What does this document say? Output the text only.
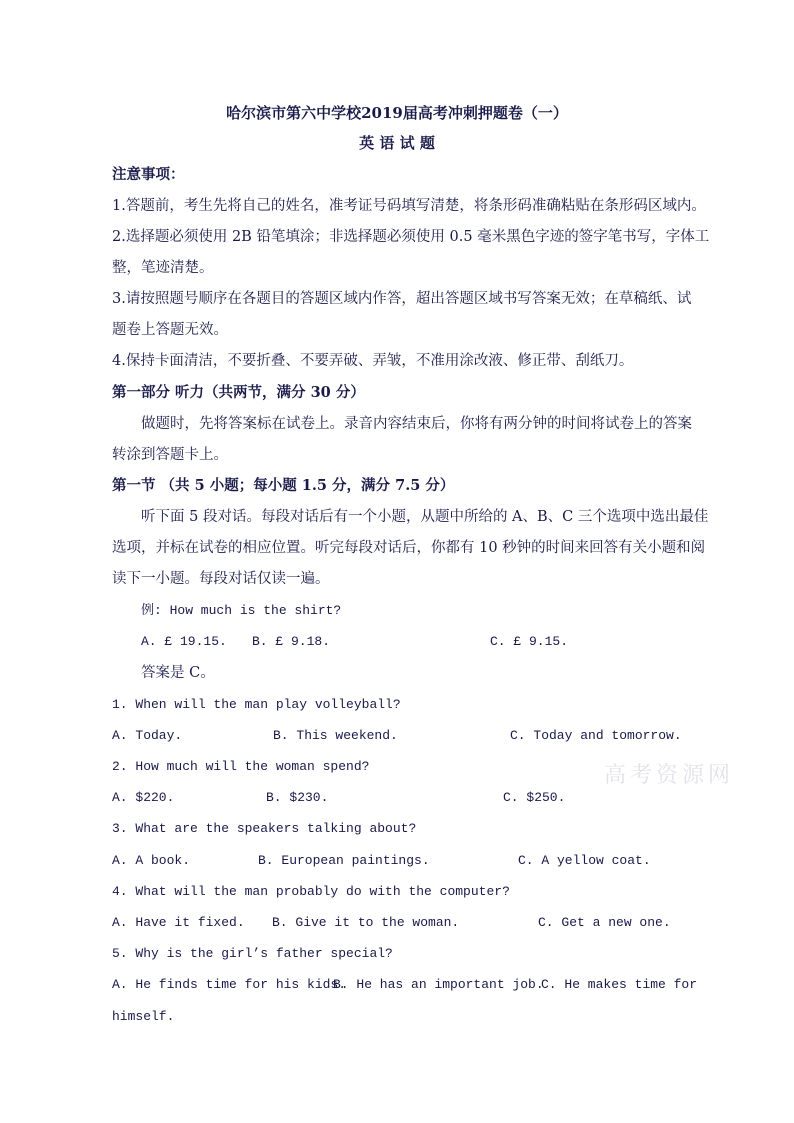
哈尔滨市第六中学校2019届高考冲刺押题卷（一）
英 语 试 题
注意事项：
1.答题前，考生先将自己的姓名，准考证号码填写清楚，将条形码准确粘贴在条形码区域内。
2.选择题必须使用 2B 铅笔填涂；非选择题必须使用 0.5 毫米黑色字迹的签字笔书写，字体工
整，笔迹清楚。
3.请按照题号顺序在各题目的答题区域内作答，超出答题区域书写答案无效；在草稿纸、试
题卷上答题无效。
4.保持卡面清洁，不要折叠、不要弄破、弄皱，不准用涂改液、修正带、刮纸刀。
第一部分 听力（共两节，满分 30 分）
做题时，先将答案标在试卷上。录音内容结束后，你将有两分钟的时间将试卷上的答案
转涂到答题卡上。
第一节 （共 5 小题；每小题 1.5 分，满分 7.5 分）
听下面 5 段对话。每段对话后有一个小题，从题中所给的 A、B、C 三个选项中选出最佳
选项，并标在试卷的相应位置。听完每段对话后，你都有 10 秒钟的时间来回答有关小题和阅
读下一小题。每段对话仅读一遍。
例: How much is the shirt?
A. £ 19.15. B. £ 9.18.	C. £ 9.15.
答案是 C。
1. When will the man play volleyball?
A. Today.	B. This weekend.	C. Today and tomorrow.
2. How much will the woman spend?
A. $220.	B. $230.	C. $250.
3. What are the speakers talking about?
A. A book.	B. European paintings.	C. A yellow coat.
4. What will the man probably do with the computer?
A. Have it fixed. B. Give it to the woman.	C. Get a new one.
5. Why is the girl’s father special?
A. He finds time for his kids.
B. He has an important job.
C. He makes time for
himself.
高考资源网
